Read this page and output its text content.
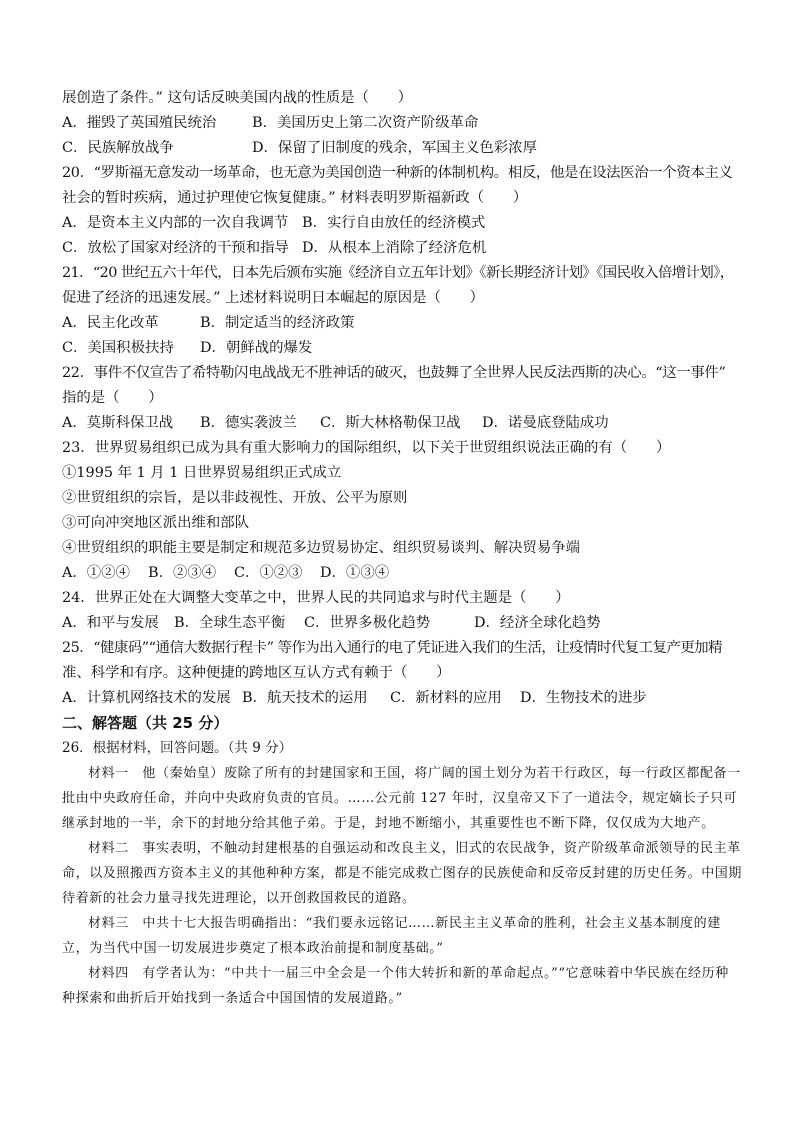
展创造了条件。” 这句话反映美国内战的性质是（　　）
A．摧毁了英国殖民统治	B．美国历史上第二次资产阶级革命
C．民族解放战争	D．保留了旧制度的残余，军国主义色彩浓厚
20．“罗斯福无意发动一场革命，也无意为美国创造一种新的体制机构。相反，他是在设法医治一个资本主义
社会的暂时疾病，通过护理使它恢复健康。” 材料表明罗斯福新政（　　）
A．是资本主义内部的一次自我调节 B．实行自由放任的经济模式
C．放松了国家对经济的干预和指导 D．从根本上消除了经济危机
21．“20 世纪五六十年代，日本先后颁布实施《经济自立五年计划》《新长期经济计划》《国民收入倍增计划》，
促进了经济的迅速发展。” 上述材料说明日本崛起的原因是（　　）
A．民主化改革	B．制定适当的经济政策
C．美国积极扶持	D．朝鲜战的爆发
22．事件不仅宣告了希特勒闪电战战无不胜神话的破灭，也鼓舞了全世界人民反法西斯的决心。“这一事件”
指的是（　　）
A．莫斯科保卫战	B．德实袭波兰	C．斯大林格勒保卫战	D．诺曼底登陆成功
23．世界贸易组织已成为具有重大影响力的国际组织，以下关于世贸组织说法正确的有（　　）
①1995 年 1 月 1 日世界贸易组织正式成立
②世贸组织的宗旨，是以非歧视性、开放、公平为原则
③可向冲突地区派出维和部队
④世贸组织的职能主要是制定和规范多边贸易协定、组织贸易谈判、解决贸易争端
A．①②④	B．②③④	C．①②③	D．①③④
24．世界正处在大调整大变革之中，世界人民的共同追求与时代主题是（　　）
A．和平与发展	B．全球生态平衡	C．世界多极化趋势	D．经济全球化趋势
25．“健康码”“通信大数据行程卡” 等作为出入通行的电了凭证进入我们的生活，让疫情时代复工复产更加精
准、科学和有序。这种便捷的跨地区互认方式有赖于（　　）
A．计算机网络技术的发展 B．航天技术的运用	C．新材料的应用	D．生物技术的进步
二、解答题（共 25 分）
26．根据材料，回答问题。（共 9 分）
材料一　他（秦始皇）废除了所有的封建国家和王国，将广阔的国土划分为若干行政区，每一行政区都配备一批由中央政府任命，并向中央政府负责的官员。……公元前 127 年时，汉皇帝又下了一道法令，规定嫡长子只可继承封地的一半，余下的封地分给其他子弟。于是，封地不断缩小，其重要性也不断下降，仅仅成为大地产。
材料二　事实表明，不触动封建根基的自强运动和改良主义，旧式的农民战争，资产阶级革命派领导的民主革命，以及照搬西方资本主义的其他种种方案，都是不能完成救亡图存的民族使命和反帝反封建的历史任务。中国期待着新的社会力量寻找先进理论，以开创救国救民的道路。
材料三　中共十七大报告明确指出：“我们要永远铭记……新民主主义革命的胜利，社会主义基本制度的建立，为当代中国一切发展进步奠定了根本政治前提和制度基础。”
材料四　有学者认为：“中共十一届三中全会是一个伟大转折和新的革命起点。”“它意味着中华民族在经历种种探索和曲折后开始找到一条适合中国国情的发展道路。”
